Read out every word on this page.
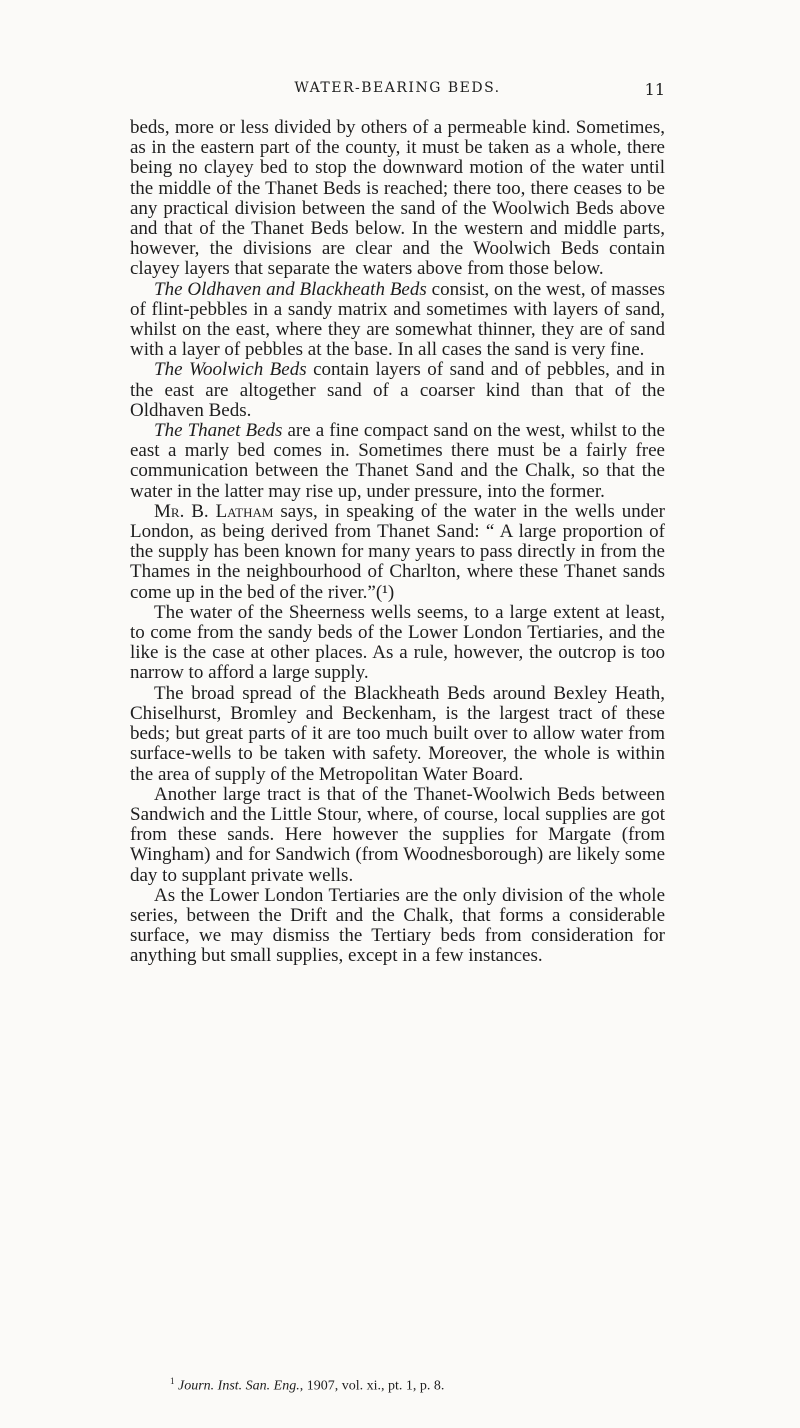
WATER-BEARING BEDS.	11

beds, more or less divided by others of a permeable kind. Sometimes, as in the eastern part of the county, it must be taken as a whole, there being no clayey bed to stop the downward motion of the water until the middle of the Thanet Beds is reached; there too, there ceases to be any practical division between the sand of the Woolwich Beds above and that of the Thanet Beds below. In the western and middle parts, however, the divisions are clear and the Woolwich Beds contain clayey layers that separate the waters above from those below.

The Oldhaven and Blackheath Beds consist, on the west, of masses of flint-pebbles in a sandy matrix and sometimes with layers of sand, whilst on the east, where they are somewhat thinner, they are of sand with a layer of pebbles at the base. In all cases the sand is very fine.

The Woolwich Beds contain layers of sand and of pebbles, and in the east are altogether sand of a coarser kind than that of the Oldhaven Beds.

The Thanet Beds are a fine compact sand on the west, whilst to the east a marly bed comes in. Sometimes there must be a fairly free communication between the Thanet Sand and the Chalk, so that the water in the latter may rise up, under pressure, into the former.

Mr. B. Latham says, in speaking of the water in the wells under London, as being derived from Thanet Sand: “ A large proportion of the supply has been known for many years to pass directly in from the Thames in the neighbourhood of Charlton, where these Thanet sands come up in the bed of the river.”(¹)

The water of the Sheerness wells seems, to a large extent at least, to come from the sandy beds of the Lower London Tertiaries, and the like is the case at other places. As a rule, however, the outcrop is too narrow to afford a large supply.

The broad spread of the Blackheath Beds around Bexley Heath, Chiselhurst, Bromley and Beckenham, is the largest tract of these beds; but great parts of it are too much built over to allow water from surface-wells to be taken with safety. Moreover, the whole is within the area of supply of the Metropolitan Water Board.

Another large tract is that of the Thanet-Woolwich Beds between Sandwich and the Little Stour, where, of course, local supplies are got from these sands. Here however the supplies for Margate (from Wingham) and for Sandwich (from Woodnesborough) are likely some day to supplant private wells.

As the Lower London Tertiaries are the only division of the whole series, between the Drift and the Chalk, that forms a considerable surface, we may dismiss the Tertiary beds from consideration for anything but small supplies, except in a few instances.

$^1$ Journ. Inst. San. Eng., 1907, vol. xi., pt. 1, p. 8.
